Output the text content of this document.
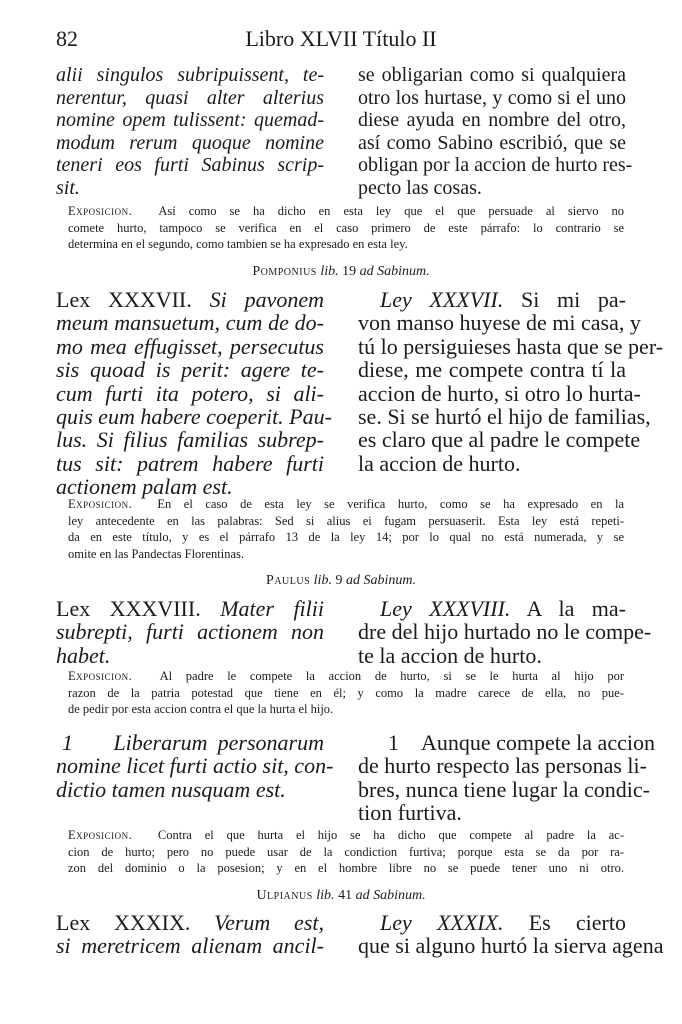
82	Libro XLVII Título II
alii singulos subripuissent, te-
nerentur, quasi alter alterius
nomine opem tulissent: quemad-
modum rerum quoque nomine
teneri eos furti Sabinus scrip-
sit.
se obligarian como si qualquiera
otro los hurtase, y como si el uno
diese ayuda en nombre del otro,
así como Sabino escribió, que se
obligan por la accion de hurto res-
pecto las cosas.
Exposicion. Así como se ha dicho en esta ley que el que persuade al siervo no
comete hurto, tampoco se verifica en el caso primero de este párrafo: lo contrario se
determina en el segundo, como tambien se ha expresado en esta ley.
Pomponius lib. 19 ad Sabinum.
Lex XXXVII. Si pavonem
meum mansuetum, cum de do-
mo mea effugisset, persecutus
sis quoad is perit: agere te-
cum furti ita potero, si ali-
quis eum habere coeperit. Pau-
lus. Si filius familias subrep-
tus sit: patrem habere furti
actionem palam est.
Ley XXXVII. Si mi pa-
von manso huyese de mi casa, y
tú lo persiguieses hasta que se per-
diese, me compete contra tí la
accion de hurto, si otro lo hurta-
se. Si se hurtó el hijo de familias,
es claro que al padre le compete
la accion de hurto.
Exposicion. En el caso de esta ley se verifica hurto, como se ha expresado en la
ley antecedente en las palabras: Sed si alius ei fugam persuaserit. Esta ley está repeti-
da en este título, y es el párrafo 13 de la ley 14; por lo qual no está numerada, y se
omite en las Pandectas Florentinas.
Paulus lib. 9 ad Sabinum.
Lex XXXVIII. Mater filii
subrepti, furti actionem non
habet.
Ley XXXVIII. A la ma-
dre del hijo hurtado no le compe-
te la accion de hurto.
Exposicion. Al padre le compete la accion de hurto, si se le hurta al hijo por
razon de la patria potestad que tiene en él; y como la madre carece de ella, no pue-
de pedir por esta accion contra el que la hurta el hijo.
1 Liberarum personarum
nomine licet furti actio sit, con-
dictio tamen nusquam est.
1 Aunque compete la accion
de hurto respecto las personas li-
bres, nunca tiene lugar la condic-
tion furtiva.
Exposicion. Contra el que hurta el hijo se ha dicho que compete al padre la ac-
cion de hurto; pero no puede usar de la condiction furtiva; porque esta se da por ra-
zon del dominio o la posesion; y en el hombre libre no se puede tener uno ni otro.
Ulpianus lib. 41 ad Sabinum.
Lex XXXIX. Verum est,
si meretricem alienam ancil-
Ley XXXIX. Es cierto
que si alguno hurtó la sierva agena
